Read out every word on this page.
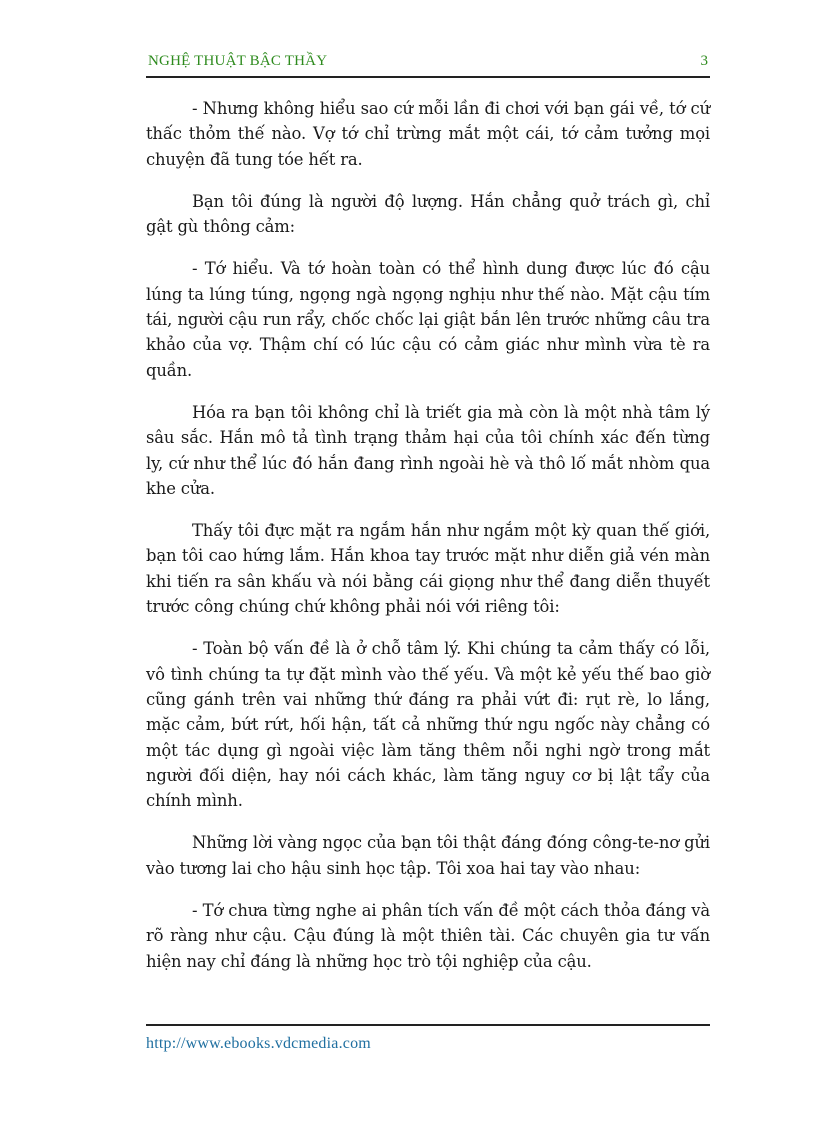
NGHỆ THUẬT BẬC THẦY	3

- Nhưng không hiểu sao cứ mỗi lần đi chơi với bạn gái về, tớ cứ thấc thỏm thế nào. Vợ tớ chỉ trừng mắt một cái, tớ cảm tưởng mọi chuyện đã tung tóe hết ra.

Bạn tôi đúng là người độ lượng. Hắn chẳng quở trách gì, chỉ gật gù thông cảm:

- Tớ hiểu. Và tớ hoàn toàn có thể hình dung được lúc đó cậu lúng ta lúng túng, ngọng ngà ngọng nghịu như thế nào. Mặt cậu tím tái, người cậu run rẩy, chốc chốc lại giật bắn lên trước những câu tra khảo của vợ. Thậm chí có lúc cậu có cảm giác như mình vừa tè ra quần.

Hóa ra bạn tôi không chỉ là triết gia mà còn là một nhà tâm lý sâu sắc. Hắn mô tả tình trạng thảm hại của tôi chính xác đến từng ly, cứ như thể lúc đó hắn đang rình ngoài hè và thô lố mắt nhòm qua khe cửa.

Thấy tôi đực mặt ra ngắm hắn như ngắm một kỳ quan thế giới, bạn tôi cao hứng lắm. Hắn khoa tay trước mặt như diễn giả vén màn khi tiến ra sân khấu và nói bằng cái giọng như thể đang diễn thuyết trước công chúng chứ không phải nói với riêng tôi:

- Toàn bộ vấn đề là ở chỗ tâm lý. Khi chúng ta cảm thấy có lỗi, vô tình chúng ta tự đặt mình vào thế yếu. Và một kẻ yếu thế bao giờ cũng gánh trên vai những thứ đáng ra phải vứt đi: rụt rè, lo lắng, mặc cảm, bứt rứt, hối hận, tất cả những thứ ngu ngốc này chẳng có một tác dụng gì ngoài việc làm tăng thêm nỗi nghi ngờ trong mắt người đối diện, hay nói cách khác, làm tăng nguy cơ bị lật tẩy của chính mình.

Những lời vàng ngọc của bạn tôi thật đáng đóng công-te-nơ gửi vào tương lai cho hậu sinh học tập. Tôi xoa hai tay vào nhau:

- Tớ chưa từng nghe ai phân tích vấn đề một cách thỏa đáng và rõ ràng như cậu. Cậu đúng là một thiên tài. Các chuyên gia tư vấn hiện nay chỉ đáng là những học trò tội nghiệp của cậu.

http://www.ebooks.vdcmedia.com
